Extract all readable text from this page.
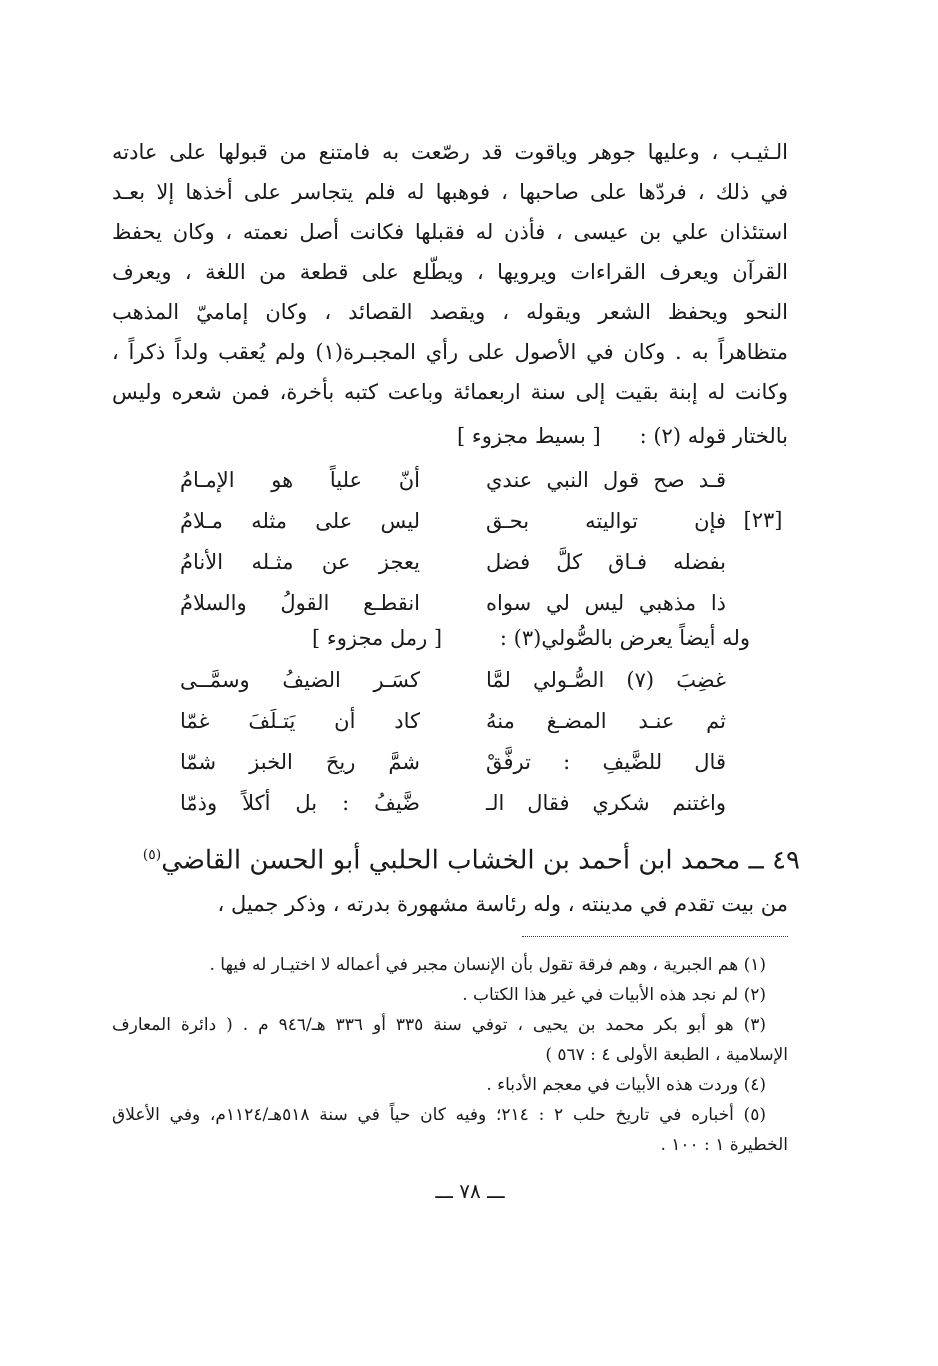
الـثيـب ، وعليها جوهر وياقوت قد رصّعت به فامتنع من قبولها على عادته
في ذلك ، فردّها على صاحبها ، فوهبها له فلم يتجاسر على أخذها إلا بعـد
استئذان علي بن عيسى ، فأذن له فقبلها فكانت أصل نعمته ، وكان يحفظ
القرآن ويعرف القراءات ويرويها ، ويطّلع على قطعة من اللغة ، ويعرف
النحو ويحفظ الشعر ويقوله ، ويقصد القصائد ، وكان إماميّ المذهب
متظاهراً به . وكان في الأصول على رأي المجبـرة(١) ولم يُعقب ولداً ذكراً ،
وكانت له إبنة بقيت إلى سنة اربعمائة وباعت كتبه بأخرة، فمن شعره وليس
بالختار قوله (٢) :
[ بسيط مجزوء ]
قـد صح قول النبي عندي
أنّ علياً هو الإمـامُ
فإن تواليته بحـق
ليس على مثله مـلامُ
بفضله فـاق كلَّ فضل
يعجز عن مثـله الأنامُ
ذا مذهبي ليس لي سواه
انقطـع القولُ والسلامُ
[٢٣]
وله أيضاً يعرض بالصُّولي(٣) :
[ رمل مجزوء ]
غضِبَ (٧) الصُّـولي لمَّا
كسَـر الضيفُ وسمَّــى
ثم عنـد المضـغ منهُ
كاد أن يَتـلَفَ غمّا
قال للضَّيفِ : ترفَّقْ
شمَّ ريحَ الخبز شمّا
واغتنم شكري فقال الـ
ضَّيفُ : بل أكلاً وذمّا
٤٩ ــ محمد ابن أحمد بن الخشاب الحلبي أبو الحسن القاضي$^{(٥)}$
من بيت تقدم في مدينته ، وله رئاسة مشهورة بدرته ، وذكر جميل ،
(١) هم الجبرية ، وهم فرقة تقول بأن الإنسان مجبر في أعماله لا اختيـار له فيها .
(٢) لم نجد هذه الأبيات في غير هذا الكتاب .
(٣) هو أبو بكر محمد بن يحيى ، توفي سنة ٣٣٥ أو ٣٣٦ هـ/٩٤٦ م . ( دائرة المعارف
الإسلامية ، الطبعة الأولى ٤ : ٥٦٧ )
(٤) وردت هذه الأبيات في معجم الأدباء .
(٥) أخباره في تاريخ حلب ٢ : ٢١٤؛ وفيه كان حياً في سنة ٥١٨هـ/١١٢٤م، وفي الأعلاق
الخطيرة ١ : ١٠٠ .
ـــ ٧٨ ـــ
